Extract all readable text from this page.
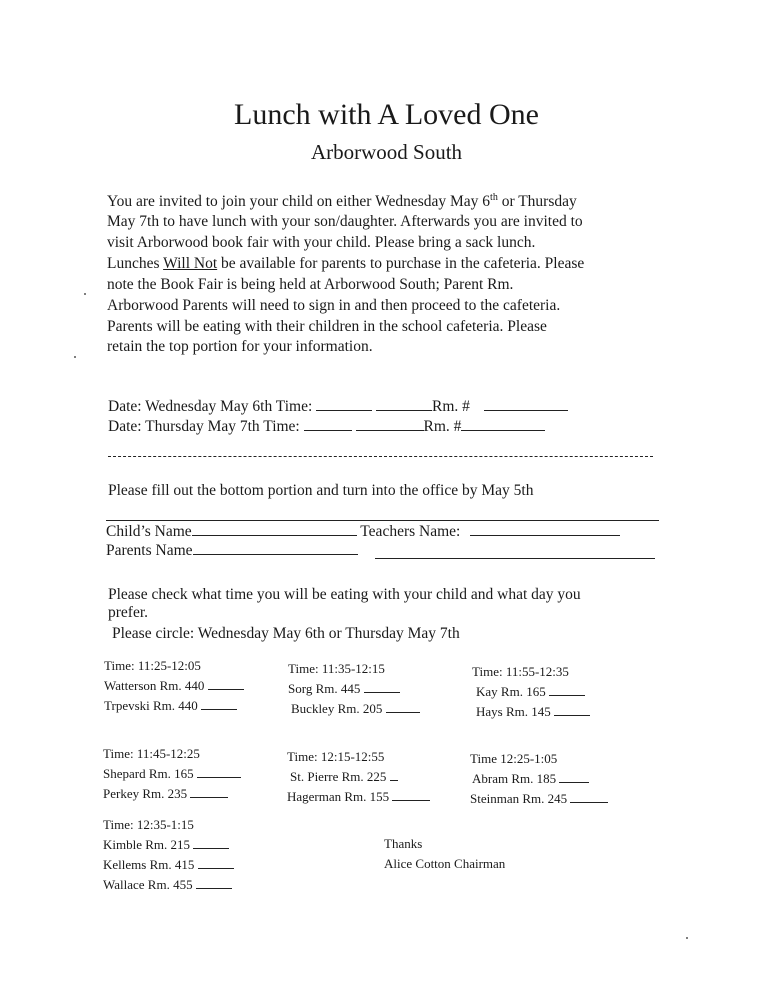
Lunch with A Loved One
Arborwood South
You are invited to join your child on either Wednesday May 6th or Thursday
May 7th to have lunch with your son/daughter. Afterwards you are invited to
visit Arborwood book fair with your child. Please bring a sack lunch.
Lunches Will Not be available for parents to purchase in the cafeteria. Please
note the Book Fair is being held at Arborwood South; Parent Rm.
Arborwood Parents will need to sign in and then proceed to the cafeteria.
Parents will be eating with their children in the school cafeteria. Please
retain the top portion for your information.
Date: Wednesday May 6th Time:	Rm. #
Date: Thursday May 7th Time:	Rm. #
Please fill out the bottom portion and turn into the office by May 5th
Child’s Name	Teachers Name:
Parents Name
Please check what time you will be eating with your child and what day you
prefer.
Please circle: Wednesday May 6th or Thursday May 7th
Time: 11:25-12:05
Watterson Rm. 440
Trpevski Rm. 440
Time: 11:35-12:15
Sorg Rm. 445
Buckley Rm. 205
Time: 11:55-12:35
Kay Rm. 165
Hays Rm. 145
Time: 11:45-12:25
Shepard Rm. 165
Perkey Rm. 235
Time: 12:15-12:55
St. Pierre Rm. 225
Hagerman Rm. 155
Time 12:25-1:05
Abram Rm. 185
Steinman Rm. 245
Time: 12:35-1:15
Kimble Rm. 215
Kellems Rm. 415
Wallace Rm. 455
Thanks
Alice Cotton Chairman
